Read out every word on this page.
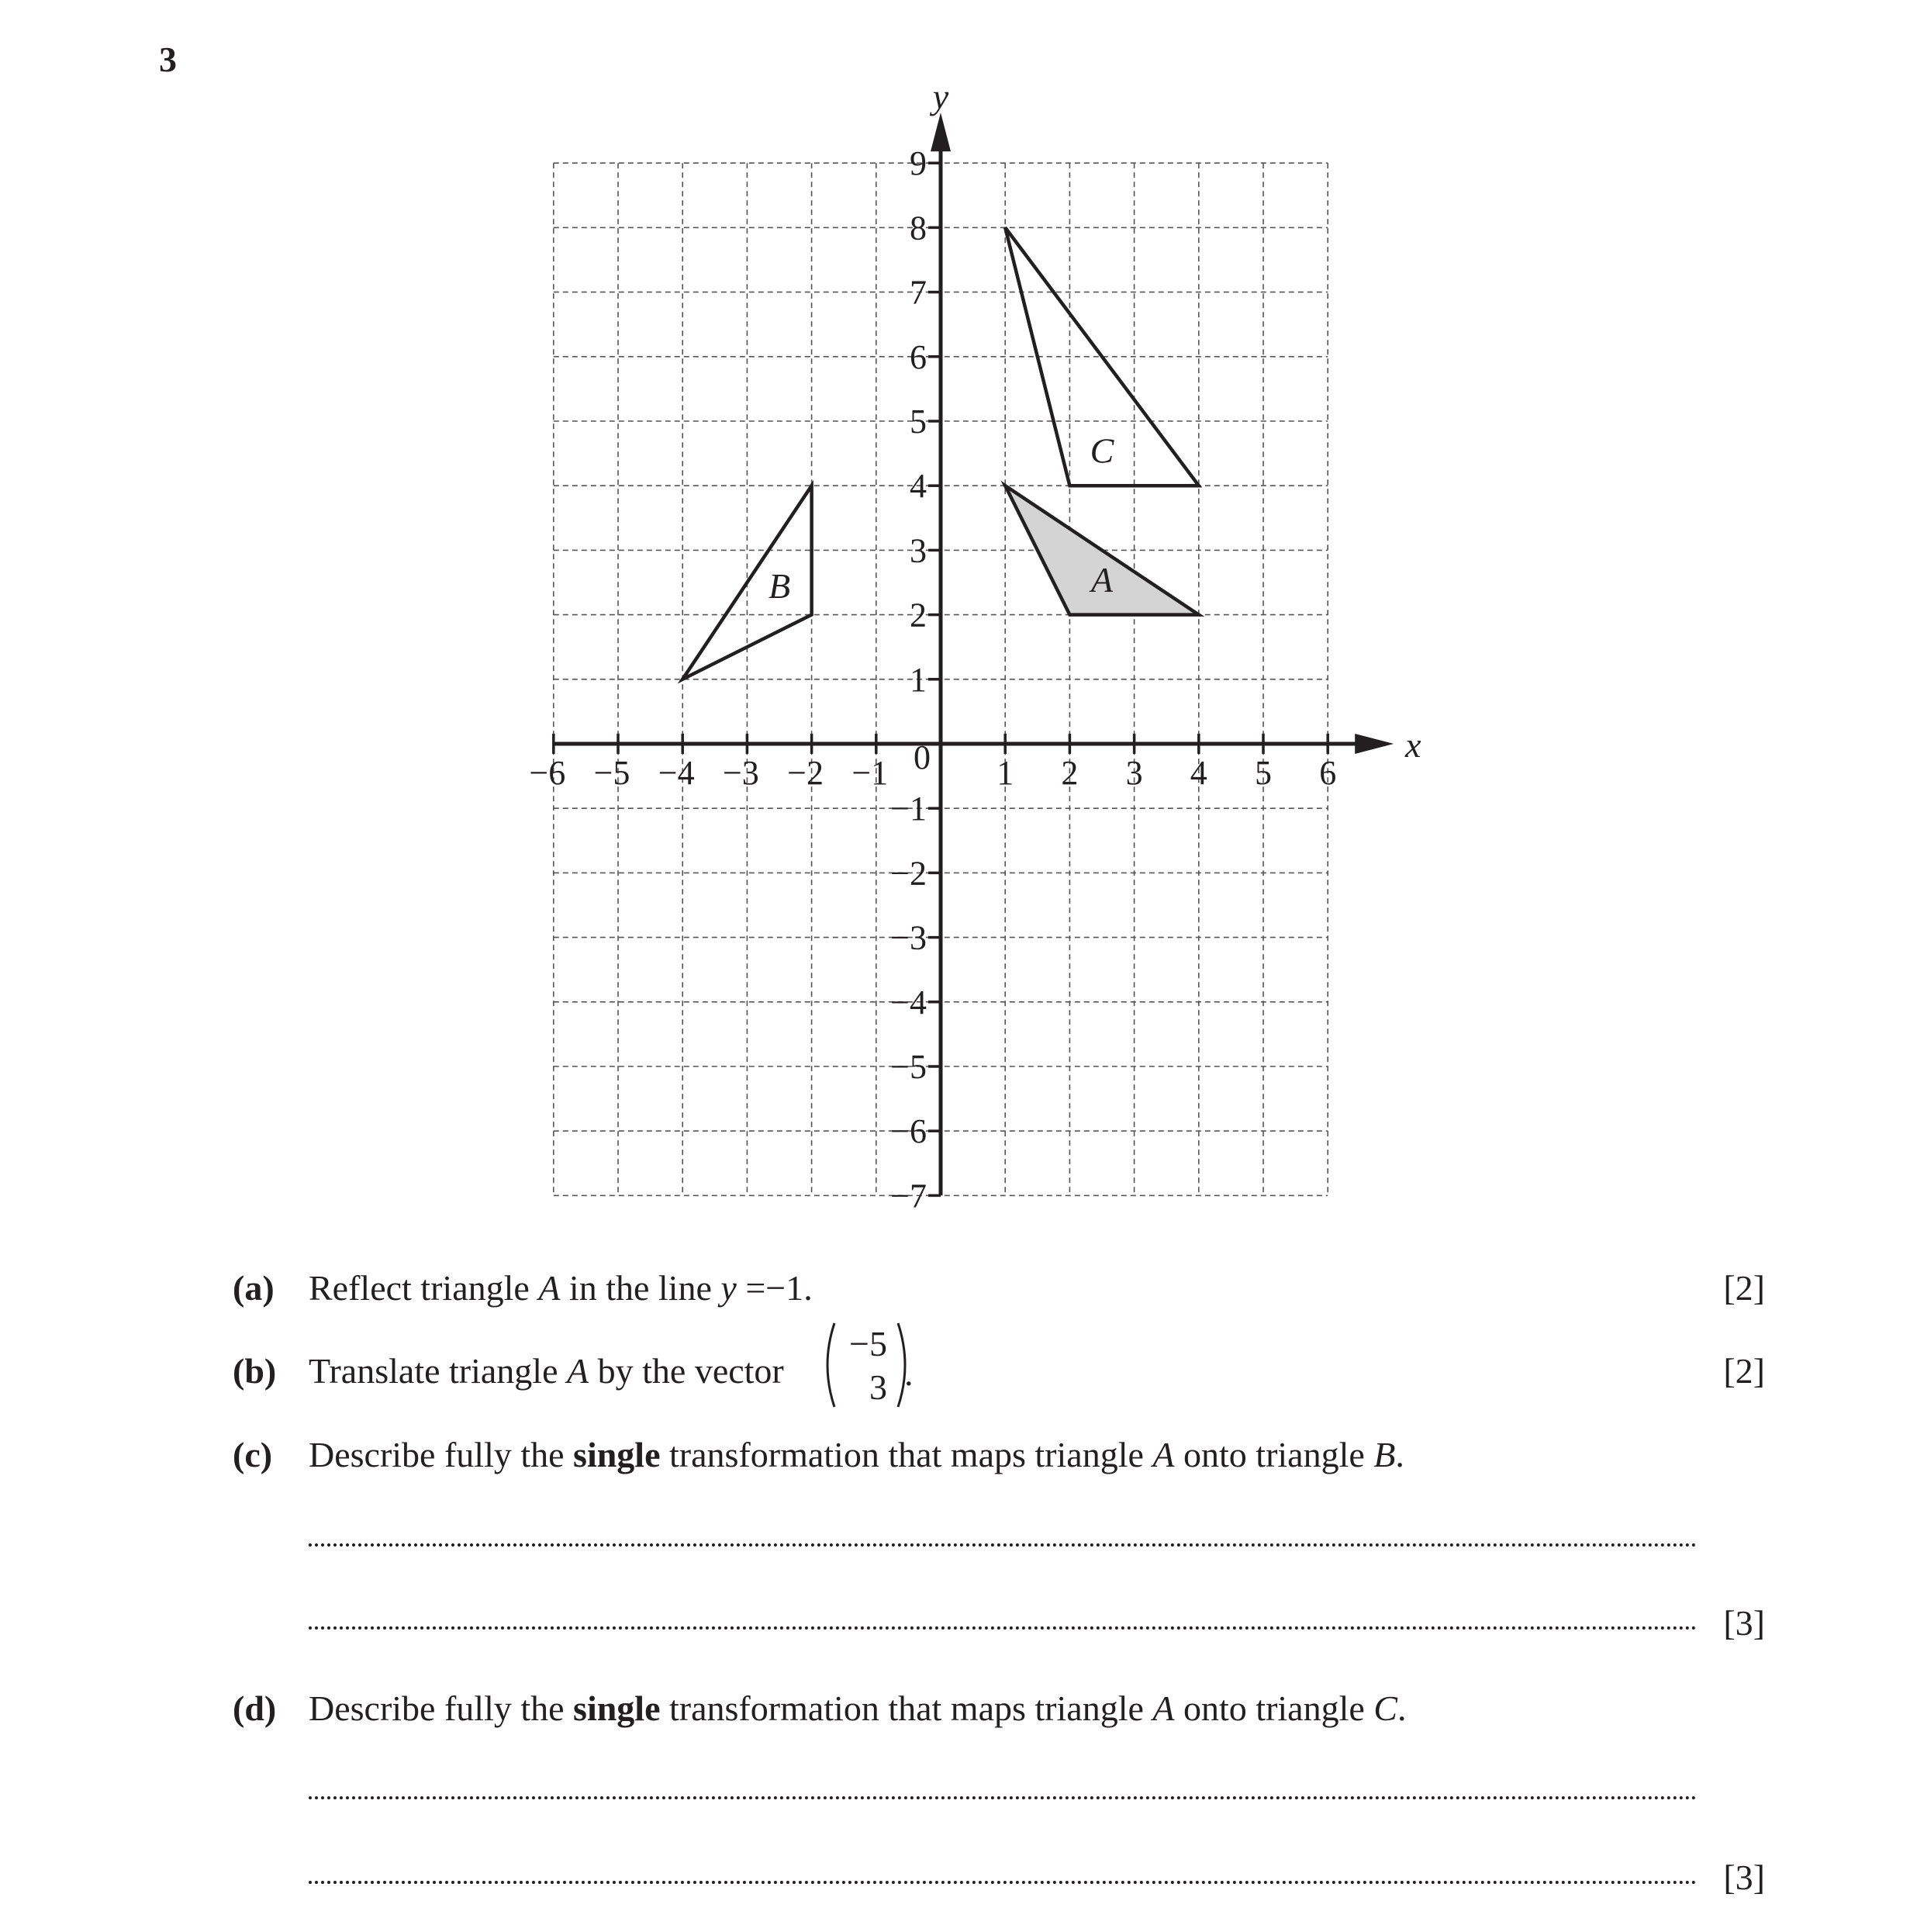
3
A
B
C
x
y
−6 −5 −4 −3 −2 −1	1 2 3 4 5 6
9
8
7
6
5
4
3
2
1
−1
−2
−3
−4
−5
−6
−7
0
(a) Reflect triangle A in the line y =−1.	[2]
(b) Translate triangle A by the vector
−5
3 .	[2]
(c) Describe fully the single transformation that maps triangle A onto triangle B.
[3]
(d) Describe fully the single transformation that maps triangle A onto triangle C.
[3]
